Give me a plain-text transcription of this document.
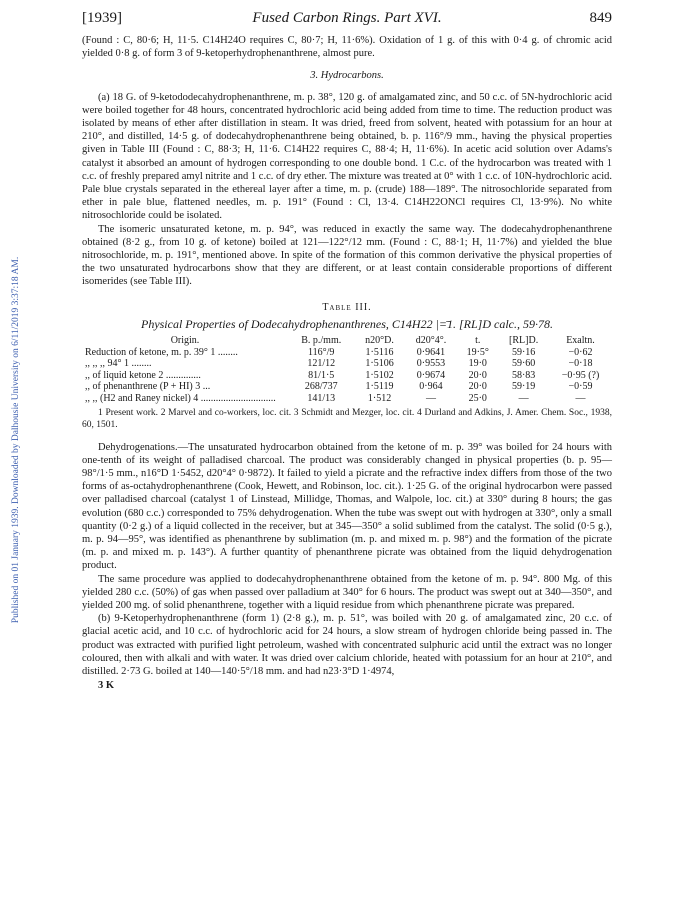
Published on 01 January 1939. Downloaded by Dalhousie University on 6/11/2019 3:37:18 AM.
[1939]	Fused Carbon Rings. Part XVI.	849

(Found : C, 80·6; H, 11·5. C14H24O requires C, 80·7; H, 11·6%). Oxidation of 1 g. of this with 0·4 g. of chromic acid yielded 0·8 g. of form 3 of 9-ketoperhydrophenanthrene, almost pure.

3. Hydrocarbons.

(a) 18 G. of 9-ketododecahydrophenanthrene, m. p. 38°, 120 g. of amalgamated zinc, and 50 c.c. of 5N-hydrochloric acid were boiled together for 48 hours, concentrated hydrochloric acid being added from time to time. The reduction product was isolated by means of ether after distillation in steam. It was dried, freed from solvent, heated with potassium for an hour at 210°, and distilled, 14·5 g. of dodecahydrophenanthrene being obtained, b. p. 116°/9 mm., having the physical properties given in Table III (Found : C, 88·3; H, 11·6. C14H22 requires C, 88·4; H, 11·6%). In acetic acid solution over Adams's catalyst it absorbed an amount of hydrogen corresponding to one double bond. 1 C.c. of the hydrocarbon was treated with 1 c.c. of freshly prepared amyl nitrite and 1 c.c. of dry ether. The mixture was treated at 0° with 1 c.c. of 10N-hydrochloric acid. Pale blue crystals separated in the ethereal layer after a time, m. p. (crude) 188—189°. The nitrosochloride separated from ether in pale blue, flattened needles, m. p. 191° (Found : Cl, 13·4. C14H22ONCl requires Cl, 13·9%). No white nitrosochloride could be isolated.

The isomeric unsaturated ketone, m. p. 94°, was reduced in exactly the same way. The dodecahydrophenanthrene obtained (8·2 g., from 10 g. of ketone) boiled at 121—122°/12 mm. (Found : C, 88·1; H, 11·7%) and yielded the blue nitrosochloride, m. p. 191°, mentioned above. In spite of the formation of this common derivative the physical properties of the two unsaturated hydrocarbons show that they are different, or at least contain considerable proportions of different isomerides (see Table III).

Table III.
Physical Properties of Dodecahydrophenanthrenes, C14H22 |=̄1. [RL]D calc., 59·78.
Origin.	B. p./mm.	n20°D.	d20°4°.	t.	[RL]D.	Exaltn.
Reduction of ketone, m. p. 39° 1 ........	116°/9	1·5116	0·9641	19·5°	59·16	−0·62
,, ,, ,, 94° 1 ........	121/12	1·5106	0·9553	19·0	59·60	−0·18
,, of liquid ketone 2 ..............	81/1·5	1·5102	0·9674	20·0	58·83	−0·95 (?)
,, of phenanthrene (P + HI) 3 ...	268/737	1·5119	0·964	20·0	59·19	−0·59
,, ,, (H2 and Raney nickel) 4 ..............................	141/13	1·512	—	25·0	—	—
1 Present work. 2 Marvel and co-workers, loc. cit. 3 Schmidt and Mezger, loc. cit. 4 Durland and Adkins, J. Amer. Chem. Soc., 1938, 60, 1501.

Dehydrogenations.—The unsaturated hydrocarbon obtained from the ketone of m. p. 39° was boiled for 24 hours with one-tenth of its weight of palladised charcoal. The product was considerably changed in physical properties (b. p. 95—98°/1·5 mm., n16°D 1·5452, d20°4° 0·9872). It failed to yield a picrate and the refractive index differs from those of the two forms of as-octahydrophenanthrene (Cook, Hewett, and Robinson, loc. cit.). 1·25 G. of the original hydrocarbon were passed over palladised charcoal (catalyst 1 of Linstead, Millidge, Thomas, and Walpole, loc. cit.) at 330° during 8 hours; the gas evolution (680 c.c.) corresponded to 75% dehydrogenation. When the tube was swept out with hydrogen at 330°, only a small quantity (0·2 g.) of a liquid collected in the receiver, but at 345—350° a solid sublimed from the catalyst. The solid (0·5 g.), m. p. 94—95°, was identified as phenanthrene by sublimation (m. p. and mixed m. p. 98°) and the formation of the picrate (m. p. and mixed m. p. 143°). A further quantity of phenanthrene picrate was obtained from the liquid dehydrogenation product.

The same procedure was applied to dodecahydrophenanthrene obtained from the ketone of m. p. 94°. 800 Mg. of this yielded 280 c.c. (50%) of gas when passed over palladium at 340° for 6 hours. The product was swept out at 340—350°, and yielded 200 mg. of solid phenanthrene, together with a liquid residue from which phenanthrene picrate was prepared.

(b) 9-Ketoperhydrophenanthrene (form 1) (2·8 g.), m. p. 51°, was boiled with 20 g. of amalgamated zinc, 20 c.c. of glacial acetic acid, and 10 c.c. of hydrochloric acid for 24 hours, a slow stream of hydrogen chloride being passed in. The product was extracted with purified light petroleum, washed with concentrated sulphuric acid until the extract was no longer coloured, then with alkali and with water. It was dried over calcium chloride, heated with potassium for an hour at 210°, and distilled. 2·73 G. boiled at 140—140·5°/18 mm. and had n23·3°D 1·4974,

3 K
